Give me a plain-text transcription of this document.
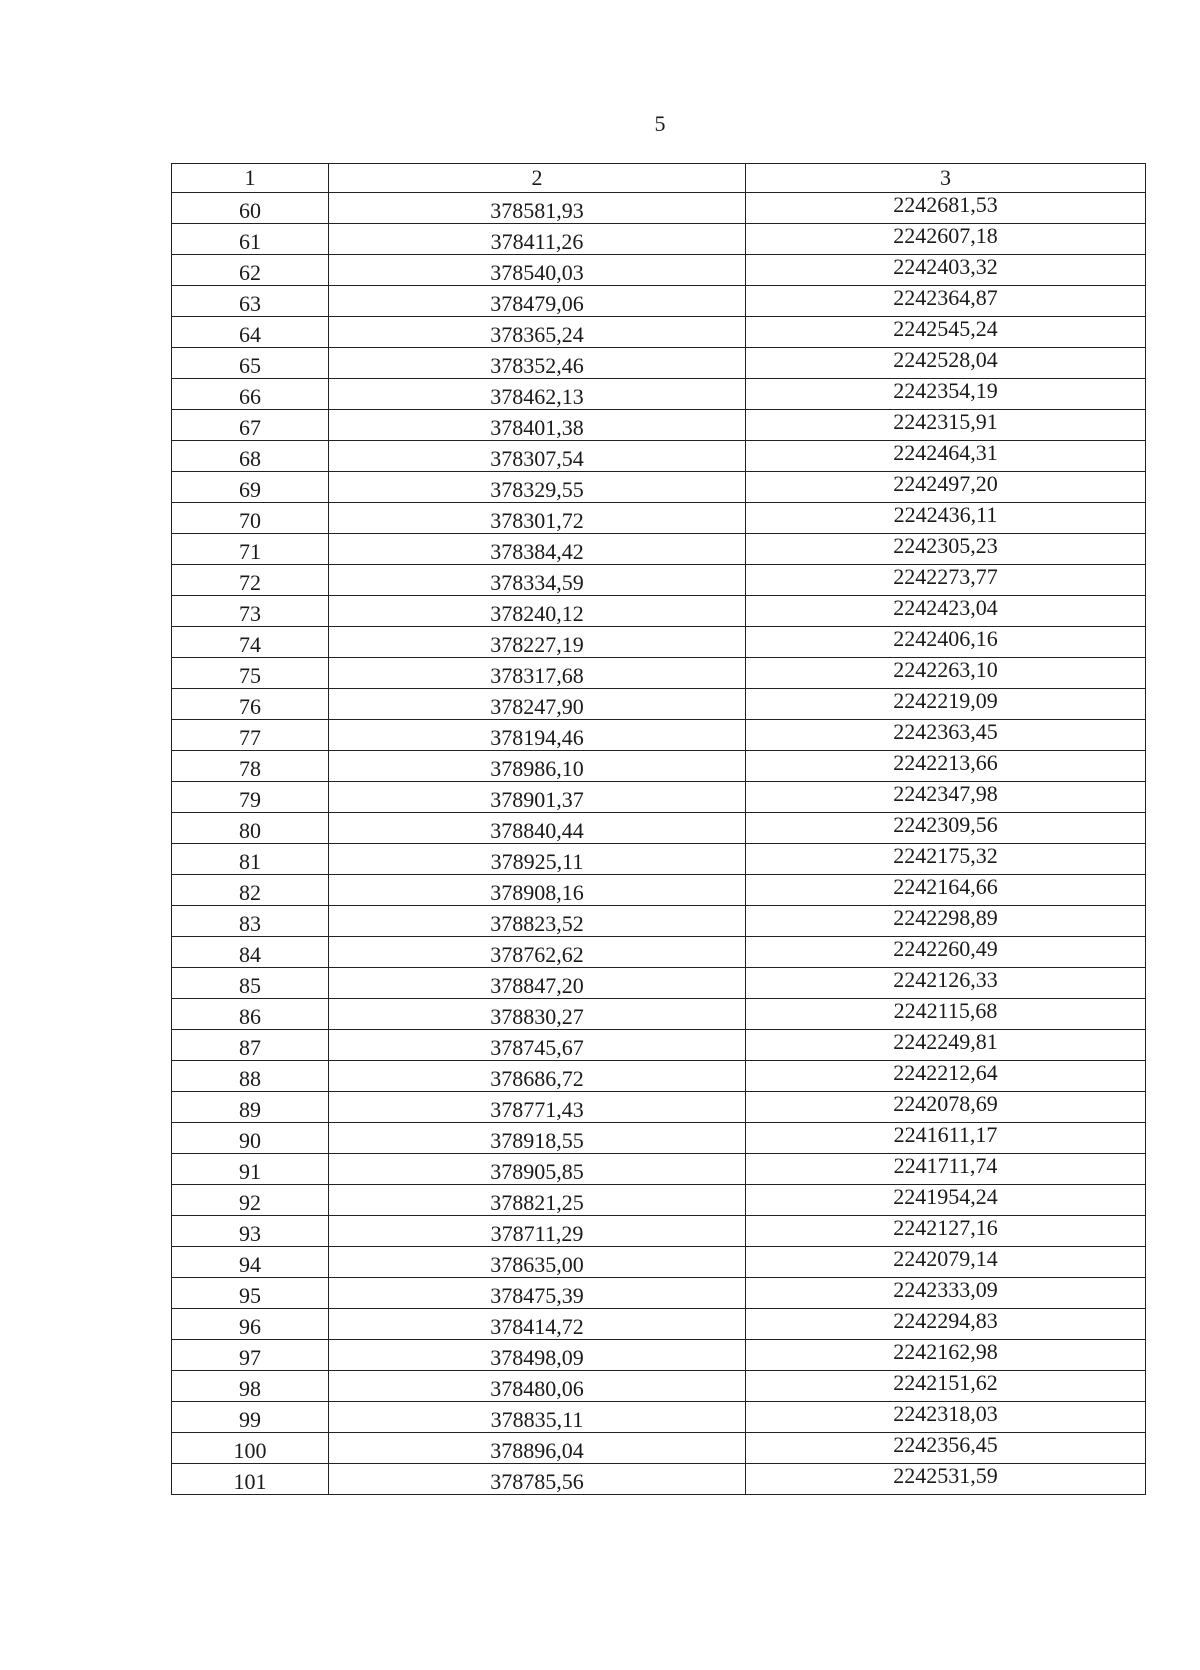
5
1	2	3
60	378581,93	2242681,53
61	378411,26	2242607,18
62	378540,03	2242403,32
63	378479,06	2242364,87
64	378365,24	2242545,24
65	378352,46	2242528,04
66	378462,13	2242354,19
67	378401,38	2242315,91
68	378307,54	2242464,31
69	378329,55	2242497,20
70	378301,72	2242436,11
71	378384,42	2242305,23
72	378334,59	2242273,77
73	378240,12	2242423,04
74	378227,19	2242406,16
75	378317,68	2242263,10
76	378247,90	2242219,09
77	378194,46	2242363,45
78	378986,10	2242213,66
79	378901,37	2242347,98
80	378840,44	2242309,56
81	378925,11	2242175,32
82	378908,16	2242164,66
83	378823,52	2242298,89
84	378762,62	2242260,49
85	378847,20	2242126,33
86	378830,27	2242115,68
87	378745,67	2242249,81
88	378686,72	2242212,64
89	378771,43	2242078,69
90	378918,55	2241611,17
91	378905,85	2241711,74
92	378821,25	2241954,24
93	378711,29	2242127,16
94	378635,00	2242079,14
95	378475,39	2242333,09
96	378414,72	2242294,83
97	378498,09	2242162,98
98	378480,06	2242151,62
99	378835,11	2242318,03
100	378896,04	2242356,45
101	378785,56	2242531,59
